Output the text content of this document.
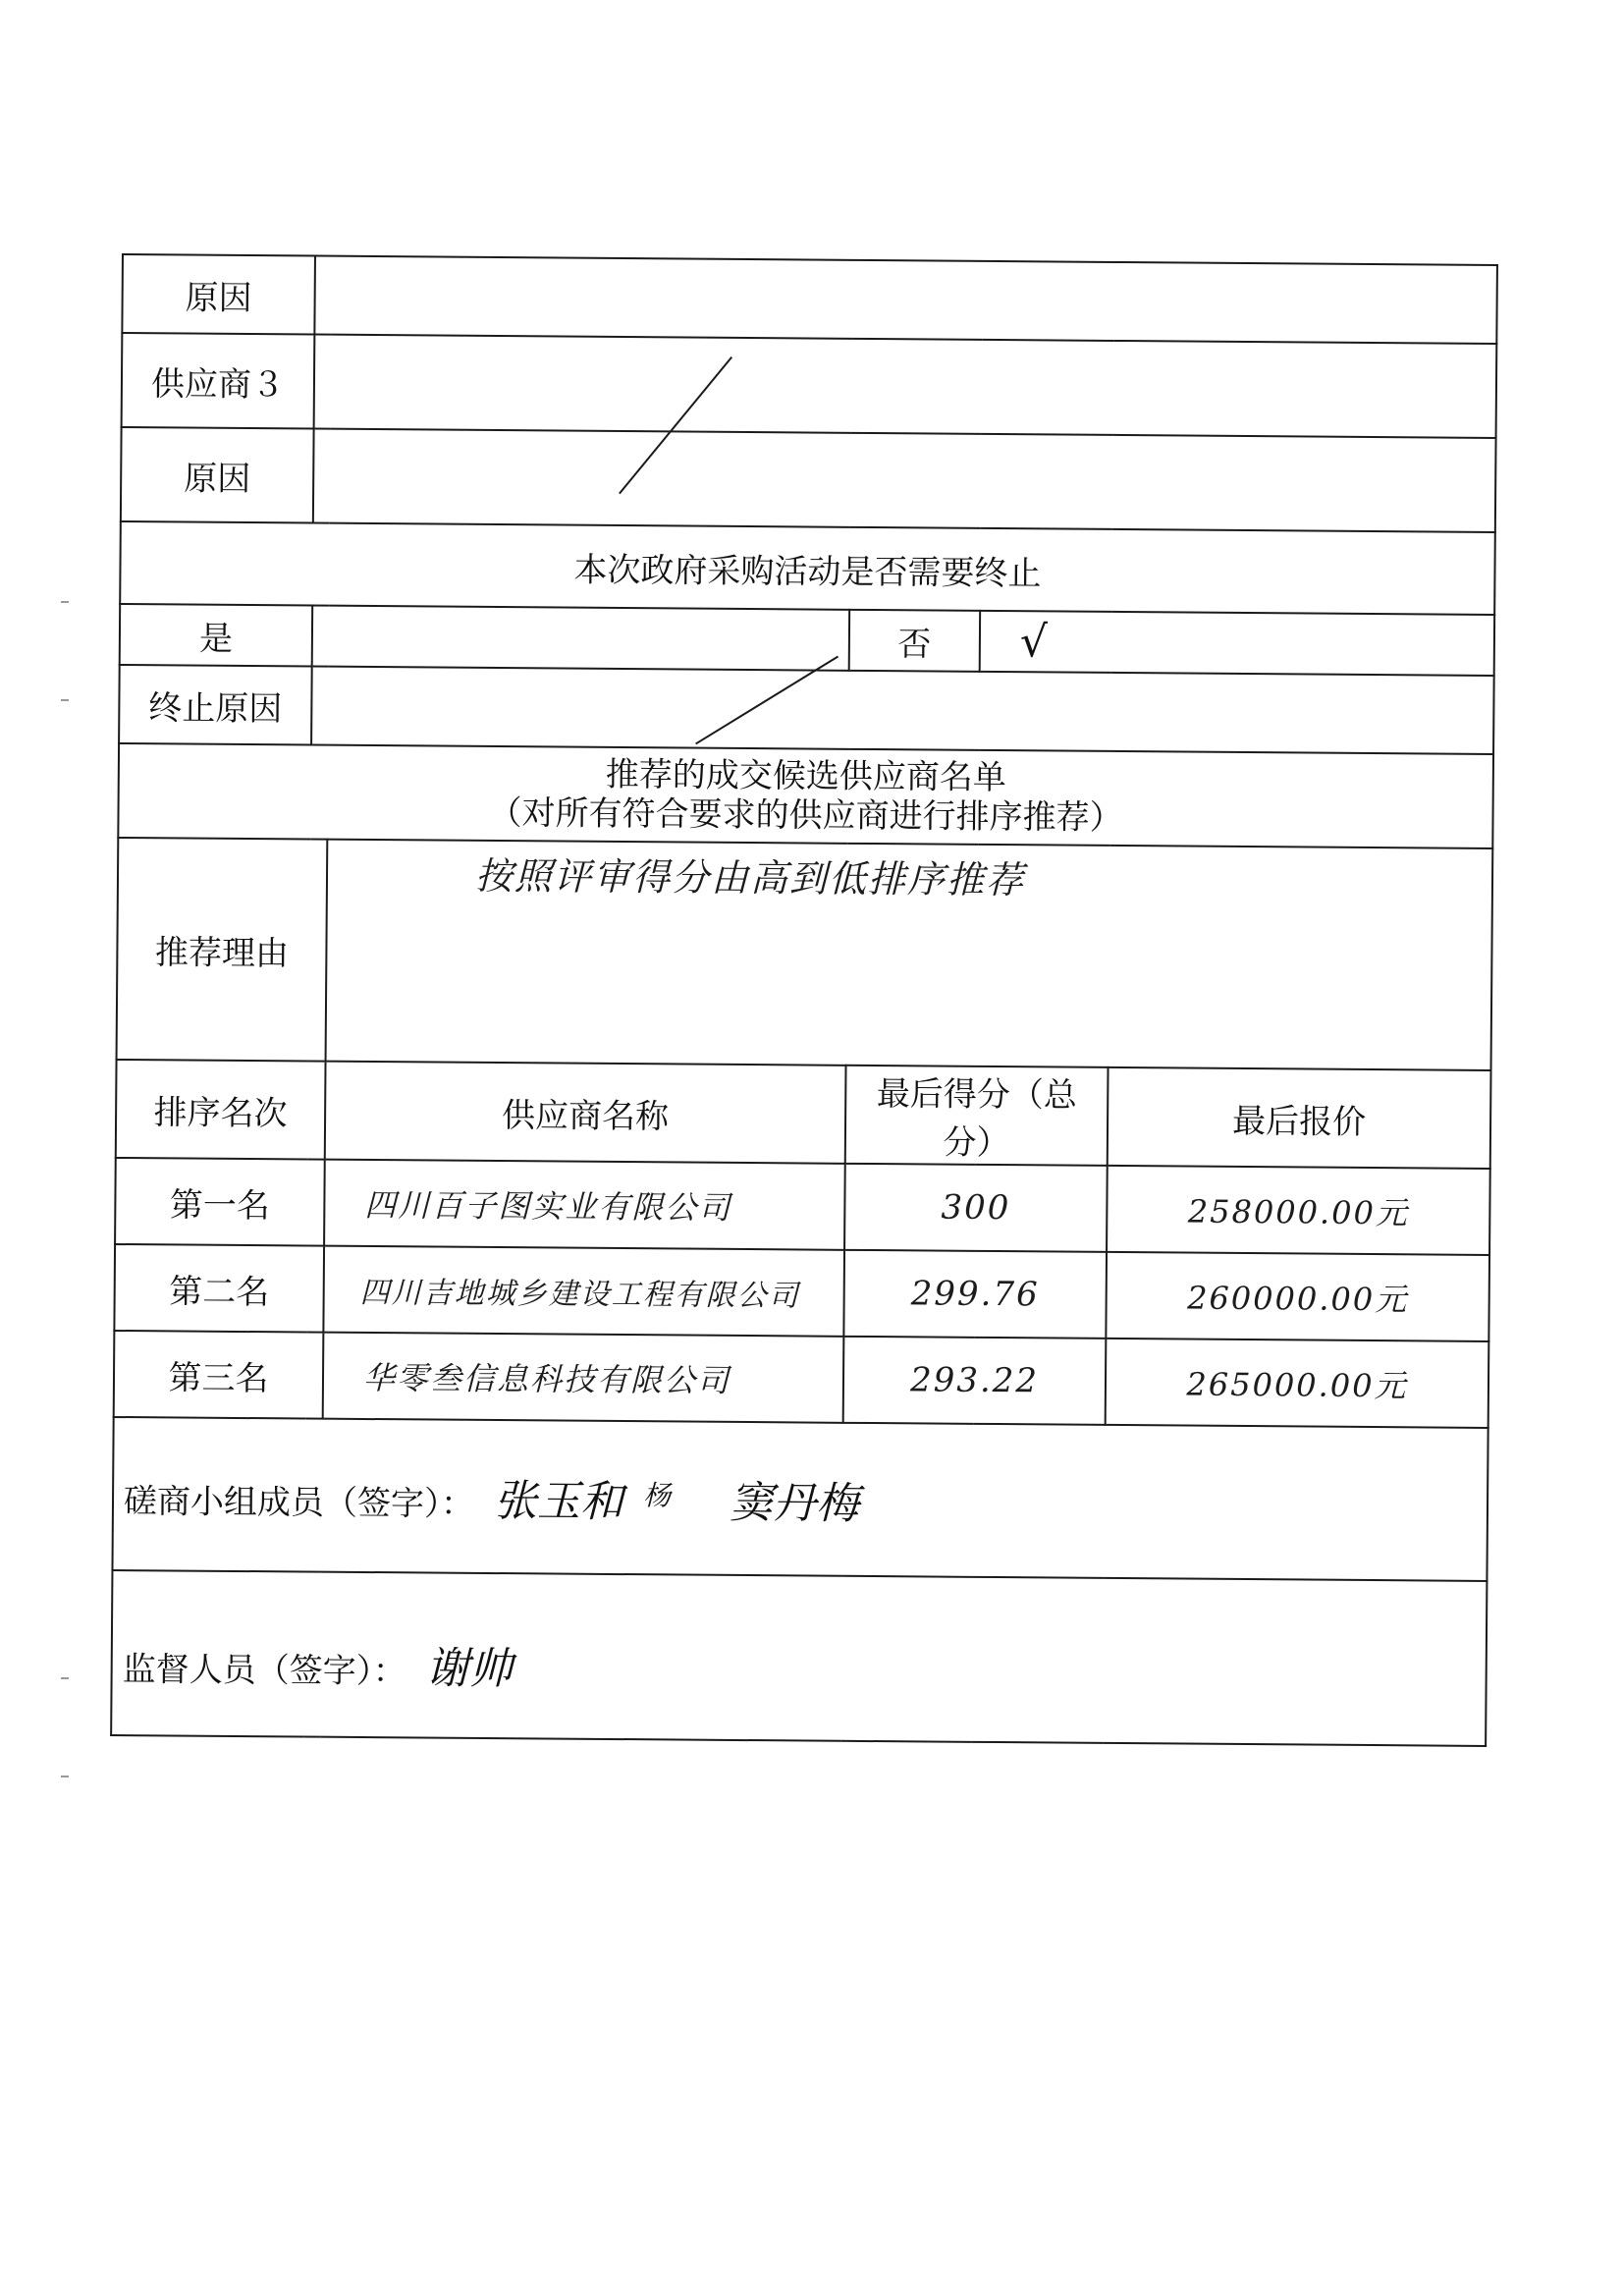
原因					
供应商３					

原因					
本次政府采购活动是否需要终止					
是			否	√	
终止原因					

推荐的成交候选供应商名单
（对所有符合要求的供应商进行排序推荐）					

推荐理由		按照评审得分由高到低排序推荐			
排序名次		供应商名称	最后得分（总分）		最后报价
第一名		四川百子图实业有限公司	300		258000.00元
第二名		四川吉地城乡建设工程有限公司	299.76		260000.00元
第三名		华零叁信息科技有限公司	293.22		265000.00元
磋商小组成员（签字）： 张玉和 $^杨$ 窦丹梅					
监督人员（签字）： 谢帅					
